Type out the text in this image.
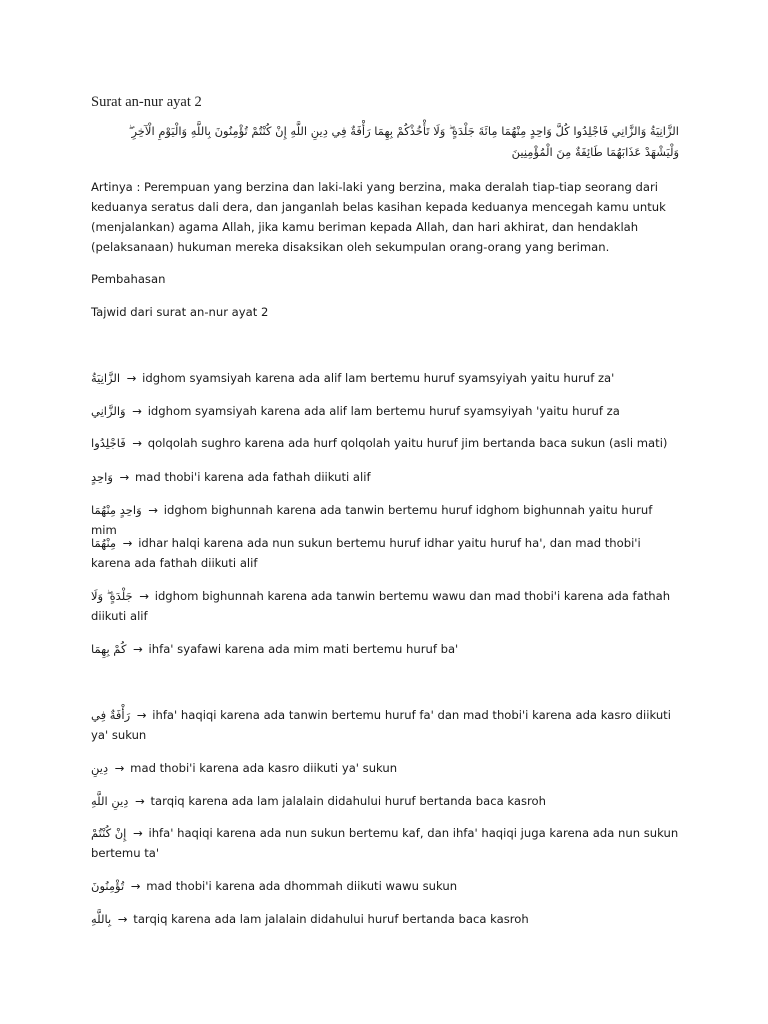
Surat an-nur ayat 2
الزَّانِيَةُ وَالزَّانِي فَاجْلِدُوا كُلَّ وَاحِدٍ مِنْهُمَا مِائَةَ جَلْدَةٍ ۖ وَلَا تَأْخُذْكُمْ بِهِمَا رَأْفَةٌ فِي دِينِ اللَّهِ إِنْ كُنْتُمْ تُؤْمِنُونَ بِاللَّهِ وَالْيَوْمِ الْآخِرِ ۖ وَلْيَشْهَدْ عَذَابَهُمَا طَائِفَةٌ مِنَ الْمُؤْمِنِينَ
Artinya : Perempuan yang berzina dan laki-laki yang berzina, maka deralah tiap-tiap seorang dari keduanya seratus dali dera, dan janganlah belas kasihan kepada keduanya mencegah kamu untuk (menjalankan) agama Allah, jika kamu beriman kepada Allah, dan hari akhirat, dan hendaklah (pelaksanaan) hukuman mereka disaksikan oleh sekumpulan orang-orang yang beriman.
Pembahasan
Tajwid dari surat an-nur ayat 2
الزَّانِيَةُ → idghom syamsiyah karena ada alif lam bertemu huruf syamsyiyah yaitu huruf za'
وَالزَّانِي → idghom syamsiyah karena ada alif lam bertemu huruf syamsyiyah 'yaitu huruf za
فَاجْلِدُوا → qolqolah sughro karena ada hurf qolqolah yaitu huruf jim bertanda baca sukun (asli mati)
وَاحِدٍ → mad thobi'i karena ada fathah diikuti alif
وَاحِدٍ مِنْهُمَا → idghom bighunnah karena ada tanwin bertemu huruf idghom bighunnah yaitu huruf mim
مِنْهُمَا → idhar halqi karena ada nun sukun bertemu huruf idhar yaitu huruf ha', dan mad thobi'i karena ada fathah diikuti alif
جَلْدَةٍ ۖ وَلَا → idghom bighunnah karena ada tanwin bertemu wawu dan mad thobi'i karena ada fathah diikuti alif
كُمْ بِهِمَا → ihfa' syafawi karena ada mim mati bertemu huruf ba'
رَأْفَةٌ فِي → ihfa' haqiqi karena ada tanwin bertemu huruf fa' dan mad thobi'i karena ada kasro diikuti ya' sukun
دِينِ → mad thobi'i karena ada kasro diikuti ya' sukun
دِينِ اللَّهِ → tarqiq karena ada lam jalalain didahului huruf bertanda baca kasroh
إِنْ كُنْتُمْ → ihfa' haqiqi karena ada nun sukun bertemu kaf, dan ihfa' haqiqi juga karena ada nun sukun bertemu ta'
تُؤْمِنُونَ → mad thobi'i karena ada dhommah diikuti wawu sukun
بِاللَّهِ → tarqiq karena ada lam jalalain didahului huruf bertanda baca kasroh
